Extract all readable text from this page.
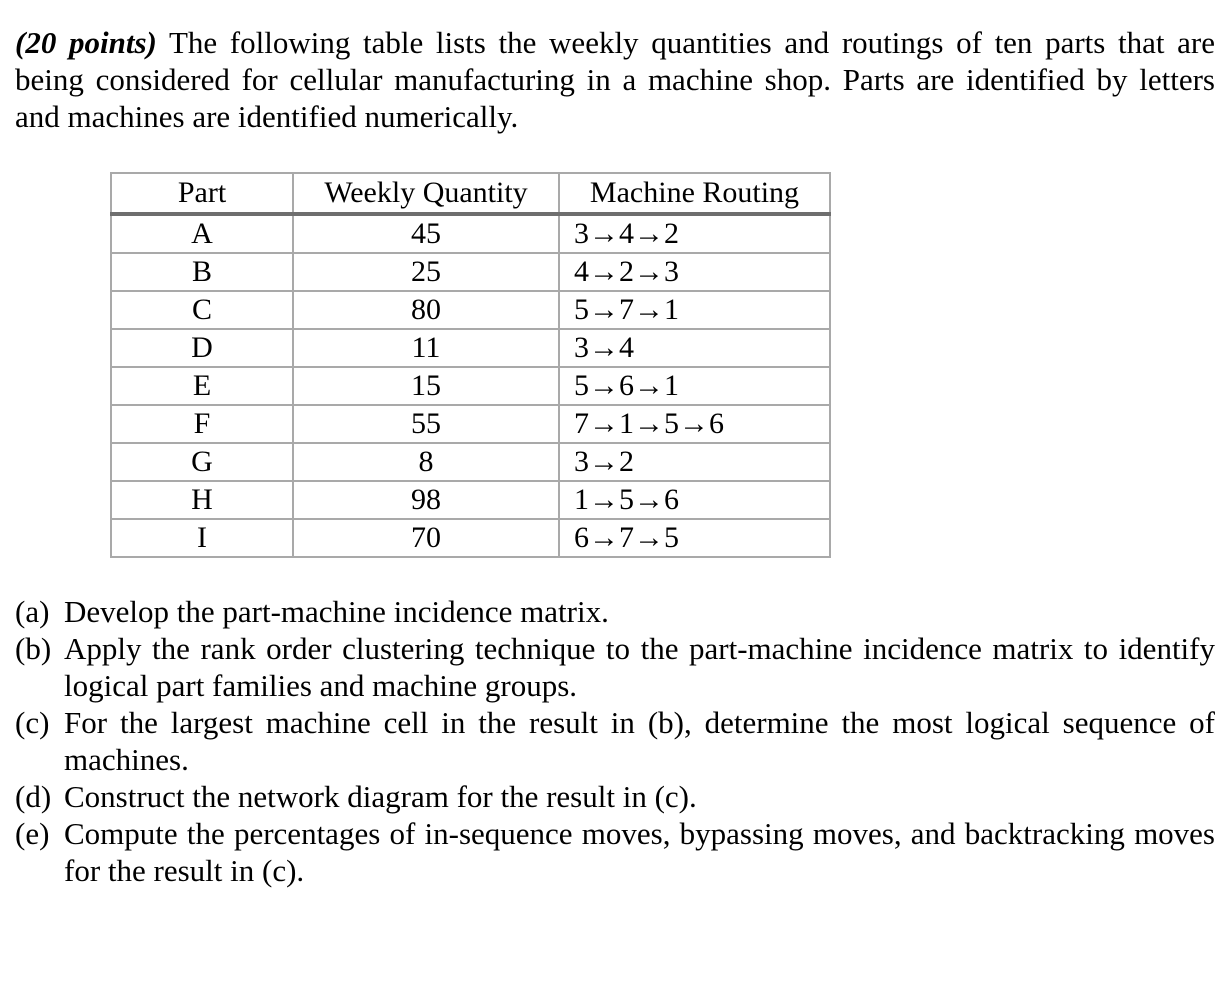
(20 points) The following table lists the weekly quantities and routings of ten parts that are being considered for cellular manufacturing in a machine shop. Parts are identified by letters and machines are identified numerically.

Part	Weekly Quantity	Machine Routing
A	45	3→4→2
B	25	4→2→3
C	80	5→7→1
D	11	3→4
E	15	5→6→1
F	55	7→1→5→6
G	8	3→2
H	98	1→5→6
I	70	6→7→5
(a) Develop the part-machine incidence matrix.
(b) Apply the rank order clustering technique to the part-machine incidence matrix to identify logical part families and machine groups.
(c) For the largest machine cell in the result in (b), determine the most logical sequence of machines.
(d) Construct the network diagram for the result in (c).
(e) Compute the percentages of in-sequence moves, bypassing moves, and backtracking moves for the result in (c).
